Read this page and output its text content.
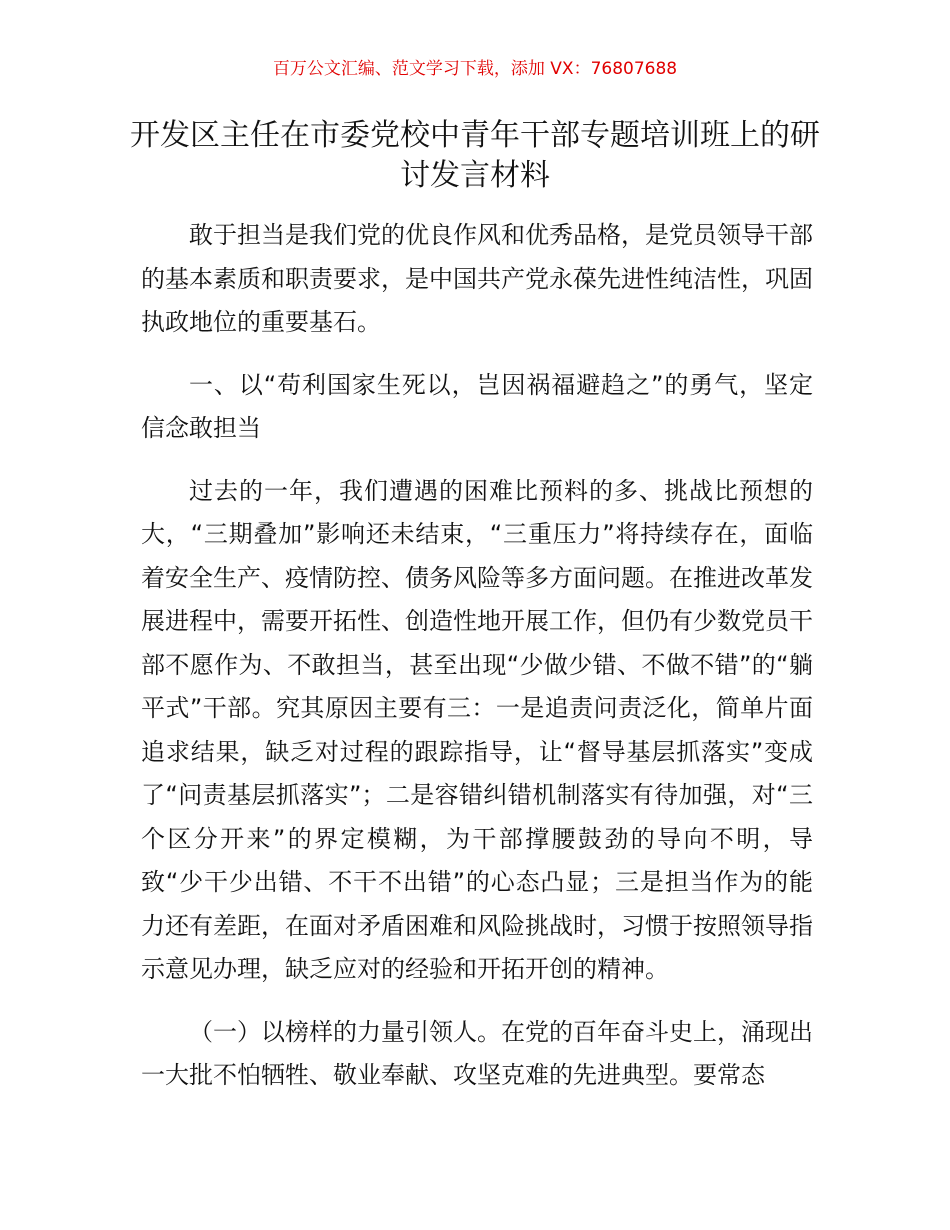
百万公文汇编、范文学习下载，添加 VX：76807688
开发区主任在市委党校中青年干部专题培训班上的研讨发言材料

敢于担当是我们党的优良作风和优秀品格，是党员领导干部的基本素质和职责要求，是中国共产党永葆先进性纯洁性，巩固执政地位的重要基石。

一、以“苟利国家生死以，岂因祸福避趋之”的勇气，坚定信念敢担当

过去的一年，我们遭遇的困难比预料的多、挑战比预想的大，“三期叠加”影响还未结束，“三重压力”将持续存在，面临着安全生产、疫情防控、债务风险等多方面问题。在推进改革发展进程中，需要开拓性、创造性地开展工作，但仍有少数党员干部不愿作为、不敢担当，甚至出现“少做少错、不做不错”的“躺平式”干部。究其原因主要有三：一是追责问责泛化，简单片面追求结果，缺乏对过程的跟踪指导，让“督导基层抓落实”变成了“问责基层抓落实”；二是容错纠错机制落实有待加强，对“三个区分开来”的界定模糊，为干部撑腰鼓劲的导向不明，导致“少干少出错、不干不出错”的心态凸显；三是担当作为的能力还有差距，在面对矛盾困难和风险挑战时，习惯于按照领导指示意见办理，缺乏应对的经验和开拓开创的精神。

（一）以榜样的力量引领人。在党的百年奋斗史上，涌现出一大批不怕牺牲、敬业奉献、攻坚克难的先进典型。要常态
